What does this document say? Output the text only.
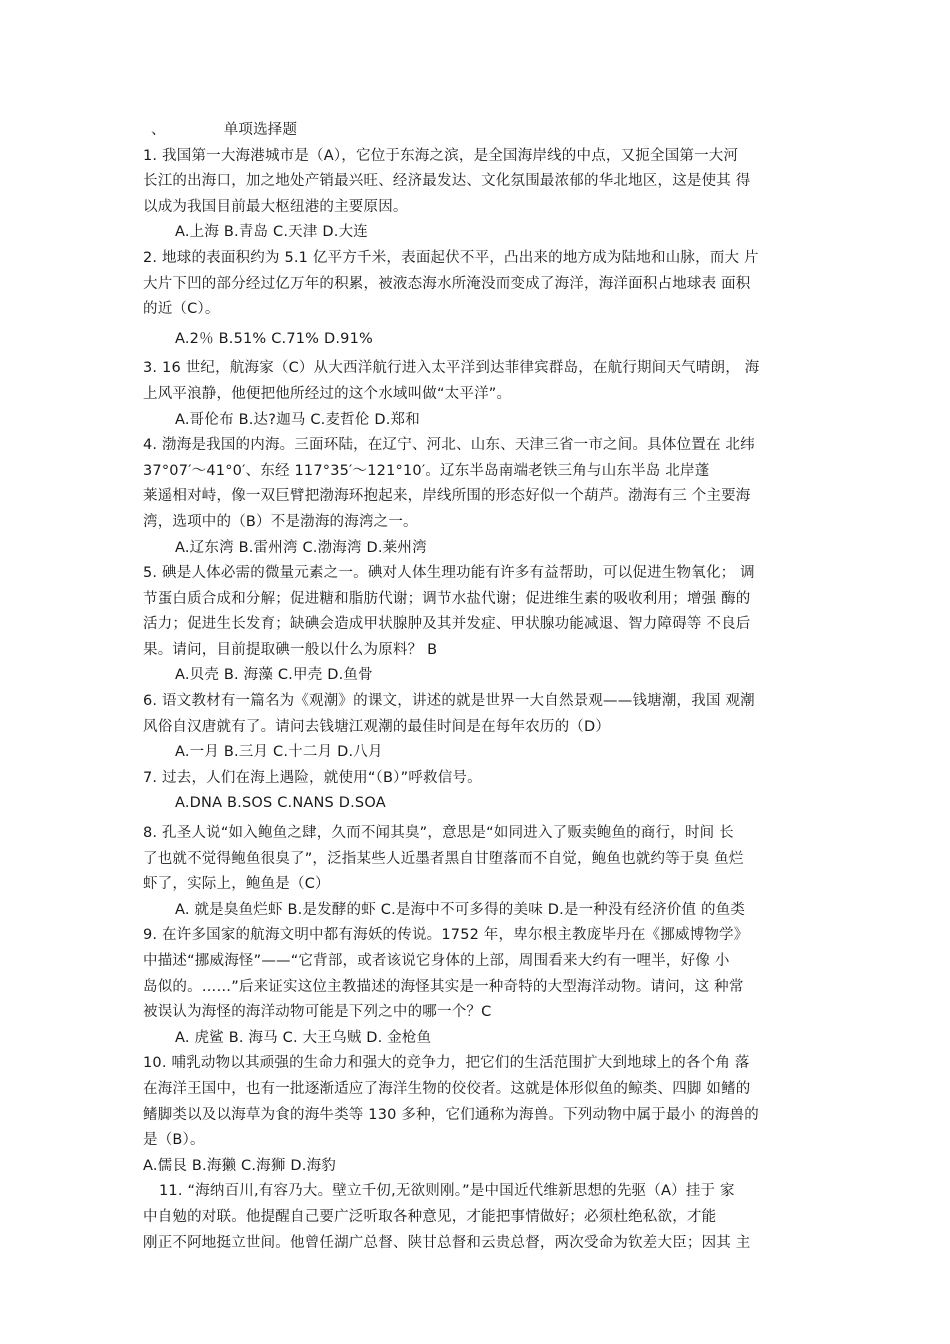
、	单项选择题
1. 我国第一大海港城市是（A），它位于东海之滨，是全国海岸线的中点，又扼全国第一大河
长江的出海口，加之地处产销最兴旺、经济最发达、文化氛围最浓郁的华北地区，这是使其 得
以成为我国目前最大枢纽港的主要原因。
A.上海 B.青岛 C.天津 D.大连
2. 地球的表面积约为 5.1 亿平方千米，表面起伏不平，凸出来的地方成为陆地和山脉，而大 片
大片下凹的部分经过亿万年的积累，被液态海水所淹没而变成了海洋，海洋面积占地球表 面积
的近（C）。
A.2％ B.51% C.71% D.91%
3. 16 世纪，航海家（C）从大西洋航行进入太平洋到达菲律宾群岛，在航行期间天气晴朗， 海
上风平浪静，他便把他所经过的这个水域叫做“太平洋”。
A.哥伦布 B.达?迦马 C.麦哲伦 D.郑和
4. 渤海是我国的内海。三面环陆，在辽宁、河北、山东、天津三省一市之间。具体位置在 北纬
37°07′～41°0′、东经 117°35′～121°10′。辽东半岛南端老铁三角与山东半岛 北岸蓬
莱遥相对峙，像一双巨臂把渤海环抱起来，岸线所围的形态好似一个葫芦。渤海有三 个主要海
湾，选项中的（B）不是渤海的海湾之一。
A.辽东湾 B.雷州湾 C.渤海湾 D.莱州湾
5. 碘是人体必需的微量元素之一。碘对人体生理功能有许多有益帮助，可以促进生物氧化； 调
节蛋白质合成和分解；促进糖和脂肪代谢；调节水盐代谢；促进维生素的吸收利用；增强 酶的
活力；促进生长发育；缺碘会造成甲状腺肿及其并发症、甲状腺功能减退、智力障碍等 不良后
果。请问，目前提取碘一般以什么为原料？ B
A.贝壳 B. 海藻 C.甲壳 D.鱼骨
6. 语文教材有一篇名为《观潮》的课文，讲述的就是世界一大自然景观——钱塘潮，我国 观潮
风俗自汉唐就有了。请问去钱塘江观潮的最佳时间是在每年农历的（D）
A.一月 B.三月 C.十二月 D.八月
7. 过去，人们在海上遇险，就使用“（B）”呼救信号。
A.DNA B.SOS C.NANS D.SOA
8. 孔圣人说“如入鲍鱼之肆，久而不闻其臭”，意思是“如同进入了贩卖鲍鱼的商行，时间 长
了也就不觉得鲍鱼很臭了”，泛指某些人近墨者黑自甘堕落而不自觉，鲍鱼也就约等于臭 鱼烂
虾了，实际上，鲍鱼是（C）
A. 就是臭鱼烂虾 B.是发酵的虾 C.是海中不可多得的美味 D.是一种没有经济价值 的鱼类
9. 在许多国家的航海文明中都有海妖的传说。1752 年，卑尔根主教庞毕丹在《挪威博物学》
中描述“挪威海怪”——“它背部，或者该说它身体的上部，周围看来大约有一哩半，好像 小
岛似的。……”后来证实这位主教描述的海怪其实是一种奇特的大型海洋动物。请问，这 种常
被误认为海怪的海洋动物可能是下列之中的哪一个？C
A. 虎鲨 B. 海马 C. 大王乌贼 D. 金枪鱼
10. 哺乳动物以其顽强的生命力和强大的竞争力，把它们的生活范围扩大到地球上的各个角 落
在海洋王国中，也有一批逐渐适应了海洋生物的佼佼者。这就是体形似鱼的鲸类、四脚 如鳍的
鳍脚类以及以海草为食的海牛类等 130 多种，它们通称为海兽。下列动物中属于最小 的海兽的
是（B）。
A.儒艮 B.海獭 C.海狮 D.海豹
11. “海纳百川,有容乃大。壁立千仞,无欲则刚。”是中国近代维新思想的先驱（A）挂于 家
中自勉的对联。他提醒自己要广泛听取各种意见，才能把事情做好；必须杜绝私欲，才能
刚正不阿地挺立世间。他曾任湖广总督、陕甘总督和云贵总督，两次受命为钦差大臣；因其 主
